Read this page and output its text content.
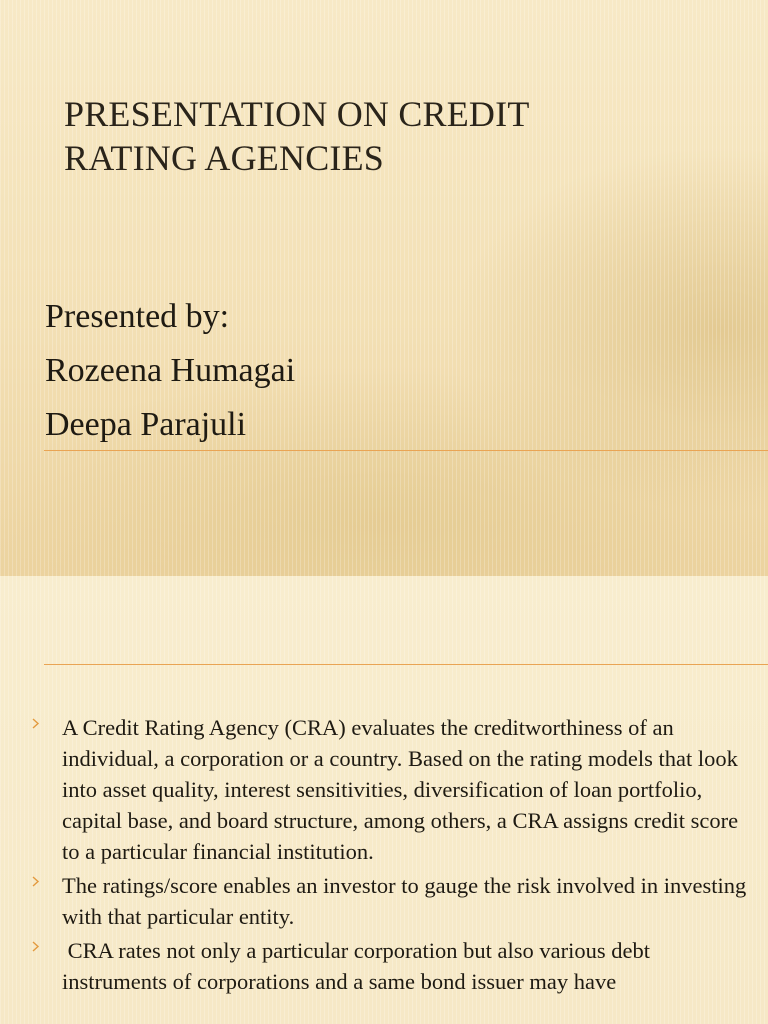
PRESENTATION ON CREDIT
RATING AGENCIES
Presented by:
Rozeena Humagai
Deepa Parajuli
A Credit Rating Agency (CRA) evaluates the creditworthiness of an individual, a corporation or a country. Based on the rating models that look into asset quality, interest sensitivities, diversification of loan portfolio, capital base, and board structure, among others, a CRA assigns credit score to a particular financial institution.
The ratings/score enables an investor to gauge the risk involved in investing with that particular entity.
CRA rates not only a particular corporation but also various debt instruments of corporations and a same bond issuer may have
